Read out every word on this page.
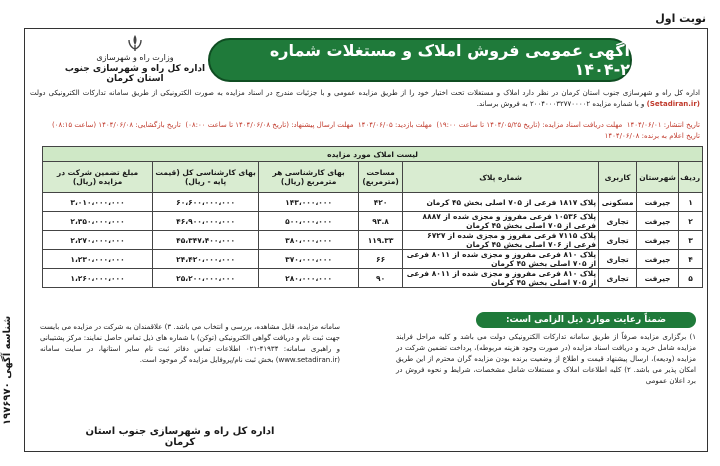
نوبت اول
شناسه آگهی ۱۹۷۶۹۷۰
آگهی عمومی فروش املاک و مستغلات شماره ۲-۱۴۰۴
وزارت راه و شهرسازی
اداره کل راه و شهرسازی جنوب استان کرمان
اداره کل راه و شهرسازی جنوب استان کرمان در نظر دارد املاک و مستغلات تحت اختیار خود را از طریق مزایده عمومی و با جزئیات مندرج در اسناد مزایده به صورت الکترونیکی از طریق سامانه تدارکات الکترونیکی دولت (Setadiran.ir) و با شماره مزایده ۲۰۰۴۰۰۰۳۲۷۷۰۰۰۰۲ به فروش برساند.
تاریخ انتشار: ۱۴۰۴/۰۶/۰۱  مهلت دریافت اسناد مزایده: (تاریخ ۱۴۰۴/۰۵/۲۵ تا ساعت ۱۹:۰۰)  مهلت بازدید: ۱۴۰۴/۰۶/۰۵  مهلت ارسال پیشنهاد: (تاریخ ۱۴۰۴/۰۶/۰۸ تا ساعت ۰۸:۰۰)  تاریخ بازگشایی: ۱۴۰۴/۰۶/۰۸ (ساعت ۰۸:۱۵)
تاریخ اعلام به برنده: ۱۴۰۴/۰۶/۰۸
لیست املاک مورد مزایده							
ردیف	شهرستان	کاربری	شماره پلاک	مساحت (مترمربع)	بهای کارشناسی هر مترمربع (ریال)	بهای کارشناسی کل (قیمت پایه - ریال)	مبلغ تضمین شرکت در مزایده (ریال)
۱	جیرفت	مسکونی	پلاک ۱۸۱۷ فرعی از ۷۰۵ اصلی بخش ۴۵ کرمان	۴۲۰	۱۴۳،۰۰۰،۰۰۰	۶۰،۶۰۰،۰۰۰،۰۰۰	۳،۰۱۰،۰۰۰،۰۰۰
۲	جیرفت	تجاری	پلاک ۱۰۵۳۶ فرعی مفروز و مجزی شده از ۸۸۸۷ فرعی از ۷۰۵ اصلی بخش ۴۵ کرمان	۹۳.۸	۵۰۰،۰۰۰،۰۰۰	۴۶،۹۰۰،۰۰۰،۰۰۰	۲،۳۵۰،۰۰۰،۰۰۰
۳	جیرفت	تجاری	پلاک ۷۱۱۵ فرعی مفروز و مجزی شده از ۶۷۲۷ فرعی از ۷۰۶ اصلی بخش ۴۵ کرمان	۱۱۹.۳۳	۳۸۰،۰۰۰،۰۰۰	۴۵،۳۴۷،۴۰۰،۰۰۰	۲،۲۷۰،۰۰۰،۰۰۰
۴	جیرفت	تجاری	پلاک ۸۱۰ فرعی مفروز و مجزی شده از ۸۰۱۱ فرعی از ۷۰۵ اصلی بخش ۴۵ کرمان	۶۶	۳۷۰،۰۰۰،۰۰۰	۲۴،۴۲۰،۰۰۰،۰۰۰	۱،۲۳۰،۰۰۰،۰۰۰
۵	جیرفت	تجاری	پلاک ۸۱۰ فرعی مفروز و مجزی شده از ۸۰۱۱ فرعی از ۷۰۵ اصلی بخش ۴۵ کرمان	۹۰	۲۸۰،۰۰۰،۰۰۰	۲۵،۲۰۰،۰۰۰،۰۰۰	۱،۲۶۰،۰۰۰،۰۰۰
ضمناً رعایت موارد ذیل الزامی است:
۱) برگزاری مزایده صرفاً از طریق سامانه تدارکات الکترونیکی دولت می باشد و کلیه مراحل فرایند مزایده شامل خرید و دریافت اسناد مزایده (در صورت وجود هزینه مربوطه)، پرداخت تضمین شرکت در مزایده (ودیعه)، ارسال پیشنهاد قیمت و اطلاع از وضعیت برنده بودن مزایده گران محترم از این طریق امکان پذیر می باشد. ۲) کلیه اطلاعات املاک و مستغلات شامل مشخصات، شرایط و نحوه فروش در برد اعلان عمومی
سامانه مزایده، قابل مشاهده، بررسی و انتخاب می باشد. ۳) علاقمندان به شرکت در مزایده می بایست جهت ثبت نام و دریافت گواهی الکترونیکی (توکن) با شماره های ذیل تماس حاصل نمایند: مرکز پشتیبانی و راهبری سامانه: ۴۱۹۳۴-۰۲۱ اطلاعات تماس دفاتر ثبت نام سایر استانها، در سایت سامانه (www.setadiran.ir) بخش ثبت نام/پروفایل مزایده گر موجود است.
اداره کل راه و شهرسازی جنوب استان کرمان
